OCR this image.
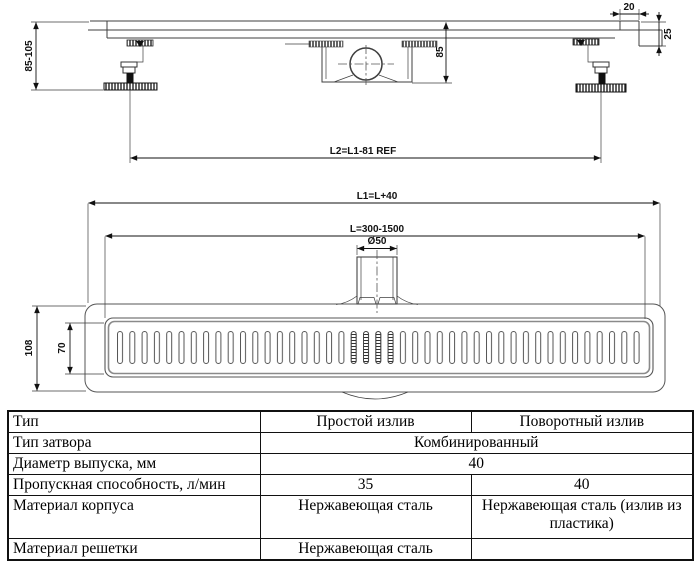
85-105
20
25
85
L2=L1-81 REF
Ø50
L=300-1500
L1=L+40
108 70
Тип	Простой излив	Поворотный излив
Тип затвора	Комбинированный	
Диаметр выпуска, мм	40	
Пропускная способность, л/мин	35	40
Материал корпуса	Нержавеющая сталь	Нержавеющая сталь (излив из пластика)
Материал решетки	Нержавеющая сталь	
